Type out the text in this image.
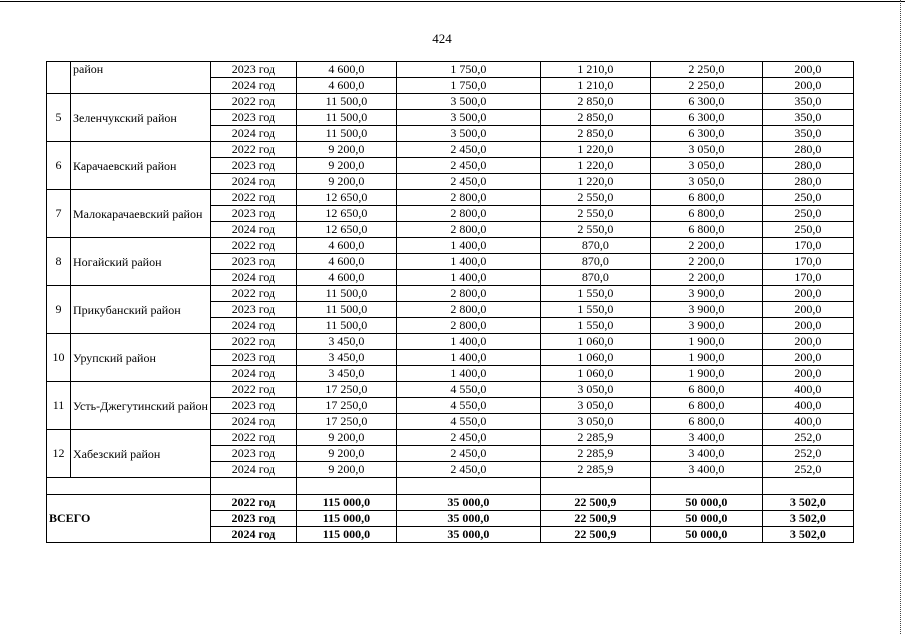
424
	район	2023 год	4 600,0	1 750,0	1 210,0	2 250,0	200,0
		2024 год	4 600,0	1 750,0	1 210,0	2 250,0	200,0
5	Зеленчукский район	2022 год	11 500,0	3 500,0	2 850,0	6 300,0	350,0
		2023 год	11 500,0	3 500,0	2 850,0	6 300,0	350,0
		2024 год	11 500,0	3 500,0	2 850,0	6 300,0	350,0
6	Карачаевский район	2022 год	9 200,0	2 450,0	1 220,0	3 050,0	280,0
		2023 год	9 200,0	2 450,0	1 220,0	3 050,0	280,0
		2024 год	9 200,0	2 450,0	1 220,0	3 050,0	280,0
7	Малокарачаевский район	2022 год	12 650,0	2 800,0	2 550,0	6 800,0	250,0
		2023 год	12 650,0	2 800,0	2 550,0	6 800,0	250,0
		2024 год	12 650,0	2 800,0	2 550,0	6 800,0	250,0
8	Ногайский район	2022 год	4 600,0	1 400,0	870,0	2 200,0	170,0
		2023 год	4 600,0	1 400,0	870,0	2 200,0	170,0
		2024 год	4 600,0	1 400,0	870,0	2 200,0	170,0
9	Прикубанский район	2022 год	11 500,0	2 800,0	1 550,0	3 900,0	200,0
		2023 год	11 500,0	2 800,0	1 550,0	3 900,0	200,0
		2024 год	11 500,0	2 800,0	1 550,0	3 900,0	200,0
10	Урупский район	2022 год	3 450,0	1 400,0	1 060,0	1 900,0	200,0
		2023 год	3 450,0	1 400,0	1 060,0	1 900,0	200,0
		2024 год	3 450,0	1 400,0	1 060,0	1 900,0	200,0
11	Усть-Джегутинский район	2022 год	17 250,0	4 550,0	3 050,0	6 800,0	400,0
		2023 год	17 250,0	4 550,0	3 050,0	6 800,0	400,0
		2024 год	17 250,0	4 550,0	3 050,0	6 800,0	400,0
12	Хабезский район	2022 год	9 200,0	2 450,0	2 285,9	3 400,0	252,0
		2023 год	9 200,0	2 450,0	2 285,9	3 400,0	252,0
		2024 год	9 200,0	2 450,0	2 285,9	3 400,0	252,0

ВСЕГО		2022 год	115 000,0	35 000,0	22 500,9	50 000,0	3 502,0
		2023 год	115 000,0	35 000,0	22 500,9	50 000,0	3 502,0
		2024 год	115 000,0	35 000,0	22 500,9	50 000,0	3 502,0
